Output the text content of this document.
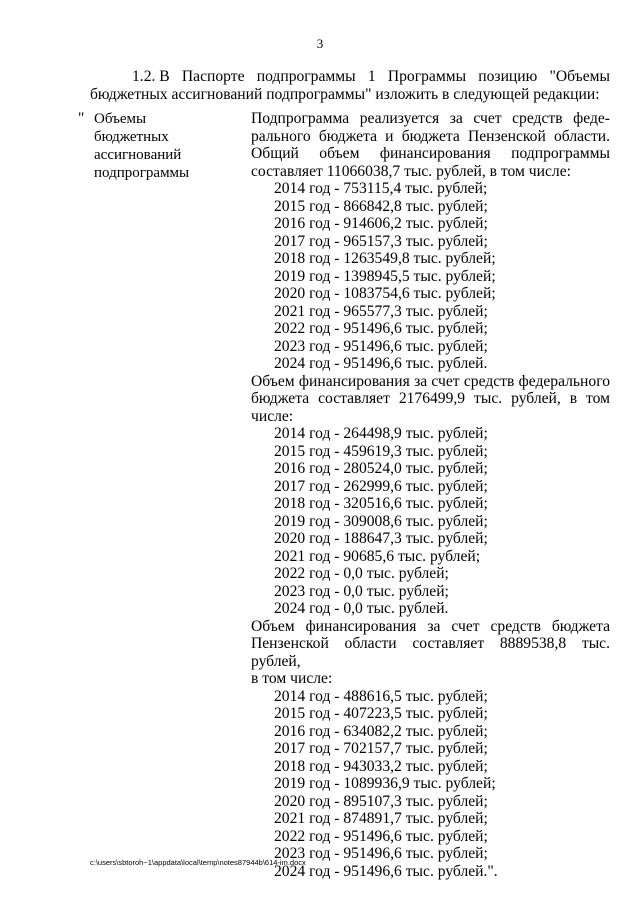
3
1.2. В Паспорте подпрограммы 1 Программы позицию "Объемы
бюджетных ассигнований подпрограммы" изложить в следующей редакции:
" Объемы
бюджетных
ассигнований
подпрограммы
Подпрограмма реализуется за счет средств феде-
рального бюджета и бюджета Пензенской области.
Общий объем финансирования подпрограммы
составляет 11066038,7 тыс. рублей, в том числе:
2014 год - 753115,4 тыс. рублей;
2015 год - 866842,8 тыс. рублей;
2016 год - 914606,2 тыс. рублей;
2017 год - 965157,3 тыс. рублей;
2018 год - 1263549,8 тыс. рублей;
2019 год - 1398945,5 тыс. рублей;
2020 год - 1083754,6 тыс. рублей;
2021 год - 965577,3 тыс. рублей;
2022 год - 951496,6 тыс. рублей;
2023 год - 951496,6 тыс. рублей;
2024 год - 951496,6 тыс. рублей.
Объем финансирования за счет средств федерального
бюджета составляет 2176499,9 тыс. рублей, в том
числе:
2014 год - 264498,9 тыс. рублей;
2015 год - 459619,3 тыс. рублей;
2016 год - 280524,0 тыс. рублей;
2017 год - 262999,6 тыс. рублей;
2018 год - 320516,6 тыс. рублей;
2019 год - 309008,6 тыс. рублей;
2020 год - 188647,3 тыс. рублей;
2021 год - 90685,6 тыс. рублей;
2022 год - 0,0 тыс. рублей;
2023 год - 0,0 тыс. рублей;
2024 год - 0,0 тыс. рублей.
Объем финансирования за счет средств бюджета
Пензенской области составляет 8889538,8 тыс. рублей,
в том числе:
2014 год - 488616,5 тыс. рублей;
2015 год - 407223,5 тыс. рублей;
2016 год - 634082,2 тыс. рублей;
2017 год - 702157,7 тыс. рублей;
2018 год - 943033,2 тыс. рублей;
2019 год - 1089936,9 тыс. рублей;
2020 год - 895107,3 тыс. рублей;
2021 год - 874891,7 тыс. рублей;
2022 год - 951496,6 тыс. рублей;
2023 год - 951496,6 тыс. рублей;
2024 год - 951496,6 тыс. рублей.".
c:\users\sbtoroh~1\appdata\local\temp\notes87944b\614-im.docx
